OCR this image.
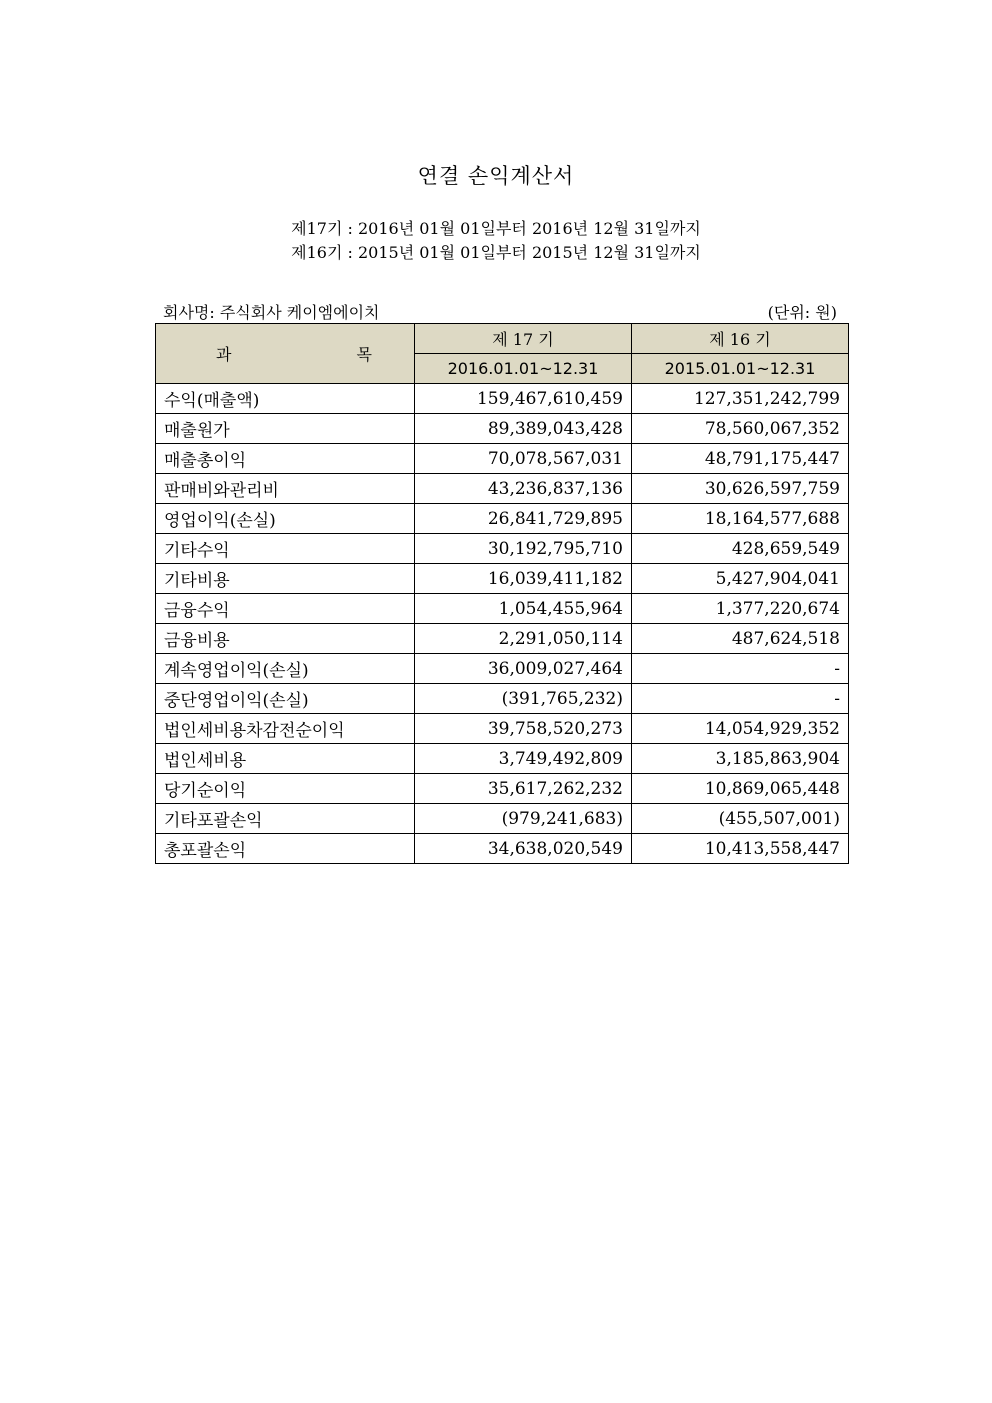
연결 손익계산서
제17기 : 2016년 01월 01일부터 2016년 12월 31일까지
제16기 : 2015년 01월 01일부터 2015년 12월 31일까지
회사명: 주식회사 케이엠에이치	(단위: 원)
과 목	제 17 기	제 16 기
	2016.01.01~12.31	2015.01.01~12.31
수익(매출액)	159,467,610,459	127,351,242,799
매출원가	89,389,043,428	78,560,067,352
매출총이익	70,078,567,031	48,791,175,447
판매비와관리비	43,236,837,136	30,626,597,759
영업이익(손실)	26,841,729,895	18,164,577,688
기타수익	30,192,795,710	428,659,549
기타비용	16,039,411,182	5,427,904,041
금융수익	1,054,455,964	1,377,220,674
금융비용	2,291,050,114	487,624,518
계속영업이익(손실)	36,009,027,464	-
중단영업이익(손실)	(391,765,232)	-
법인세비용차감전순이익	39,758,520,273	14,054,929,352
법인세비용	3,749,492,809	3,185,863,904
당기순이익	35,617,262,232	10,869,065,448
기타포괄손익	(979,241,683)	(455,507,001)
총포괄손익	34,638,020,549	10,413,558,447
